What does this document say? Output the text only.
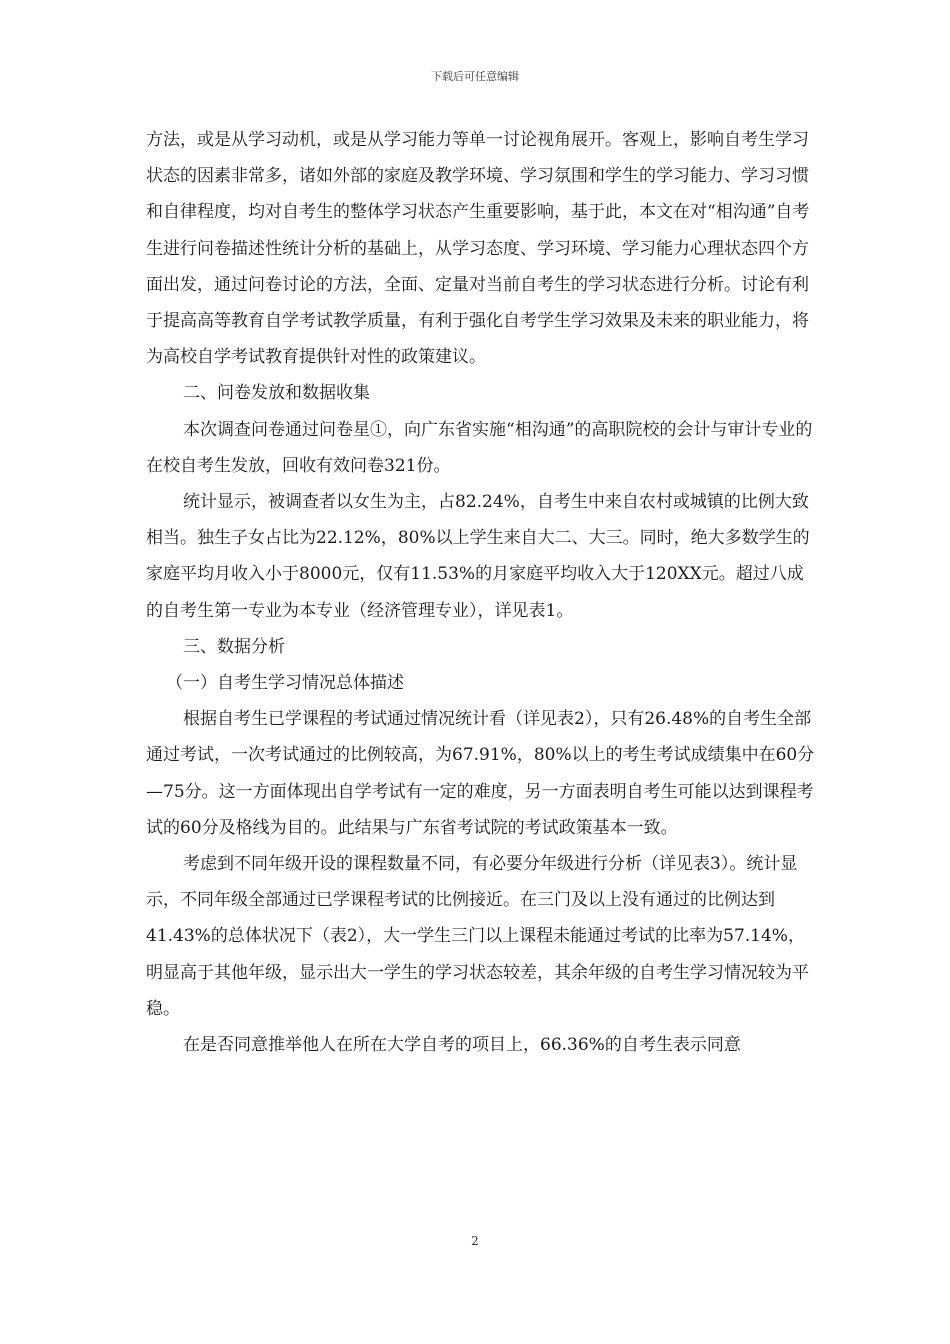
下载后可任意编辑

方法，或是从学习动机，或是从学习能力等单一讨论视角展开。客观上，影响自考生学习状态的因素非常多，诸如外部的家庭及教学环境、学习氛围和学生的学习能力、学习习惯和自律程度，均对自考生的整体学习状态产生重要影响，基于此，本文在对“相沟通”自考生进行问卷描述性统计分析的基础上，从学习态度、学习环境、学习能力心理状态四个方面出发，通过问卷讨论的方法，全面、定量对当前自考生的学习状态进行分析。讨论有利于提高高等教育自学考试教学质量，有利于强化自考学生学习效果及未来的职业能力，将为高校自学考试教育提供针对性的政策建议。

二、问卷发放和数据收集

本次调查问卷通过问卷星①，向广东省实施“相沟通”的高职院校的会计与审计专业的在校自考生发放，回收有效问卷321份。

统计显示，被调查者以女生为主，占82.24%，自考生中来自农村或城镇的比例大致相当。独生子女占比为22.12%，80%以上学生来自大二、大三。同时，绝大多数学生的家庭平均月收入小于8000元，仅有11.53%的月家庭平均收入大于120XX元。超过八成的自考生第一专业为本专业（经济管理专业），详见表1。

三、数据分析

（一）自考生学习情况总体描述

根据自考生已学课程的考试通过情况统计看（详见表2），只有26.48%的自考生全部通过考试，一次考试通过的比例较高，为67.91%，80%以上的考生考试成绩集中在60分—75分。这一方面体现出自学考试有一定的难度，另一方面表明自考生可能以达到课程考试的60分及格线为目的。此结果与广东省考试院的考试政策基本一致。

考虑到不同年级开设的课程数量不同，有必要分年级进行分析（详见表3）。统计显示，不同年级全部通过已学课程考试的比例接近。在三门及以上没有通过的比例达到41.43%的总体状况下（表2），大一学生三门以上课程未能通过考试的比率为57.14%，明显高于其他年级，显示出大一学生的学习状态较差，其余年级的自考生学习情况较为平稳。

在是否同意推举他人在所在大学自考的项目上，66.36%的自考生表示同意

2
